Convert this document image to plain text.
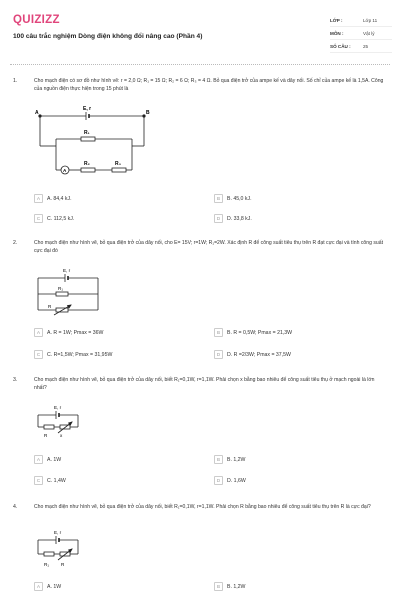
QUIZIZZ
100 câu trắc nghiệm Dòng điện không đổi nâng cao (Phần 4)
LỚP :	Lớp 11
MÔN :	Vật lý
SỐ CÂU :	25
1.	Cho mạch điện có sơ đồ như hình vẽ: r = 2,0 Ω; R₁ = 15 Ω; R₂ = 6 Ω; R₃ = 4 Ω. Bỏ qua điện trở của ampe kế và dây nối. Số chỉ của ampe kế là 1,5A. Công của nguồn điện thực hiện trong 15 phút là
E, r
A	B
R₁
R₂	R₃
A
A	A. 84,4 kJ.	B	B. 45,0 kJ.
C	C. 112,5 kJ.	D	D. 33,8 kJ.
2.	Cho mạch điện như hình vẽ, bỏ qua điện trở của dây nối, cho E= 15V; r=1W; R₁=2W. Xác định R để công suất tiêu thụ trên R đạt cực đại và tính công suất cực đại đó
E, r
R₁
R
A	A. R = 1W; Pmax = 36W	B	B. R = 0,5W; Pmax = 21,3W
C	C. R=1,5W; Pmax = 31,95W	D	D. R =2/3W; Pmax = 37,5W
3.	Cho mạch điện như hình vẽ, bỏ qua điện trở của dây nối, biết R₁=0,1W, r=1,1W. Phải chọn x bằng bao nhiêu để công suất tiêu thụ ở mạch ngoài là lớn nhất?
E, r
R	x
A	A. 1W	B	B. 1,2W
C	C. 1,4W	D	D. 1,6W
4.	Cho mạch điện như hình vẽ, bỏ qua điện trở của dây nối, biết R₁=0,1W, r=1,1W. Phải chọn R bằng bao nhiêu để công suất tiêu thụ trên R là cực đại?
E, r
R₁	R
A	A. 1W	B	B. 1,2W
